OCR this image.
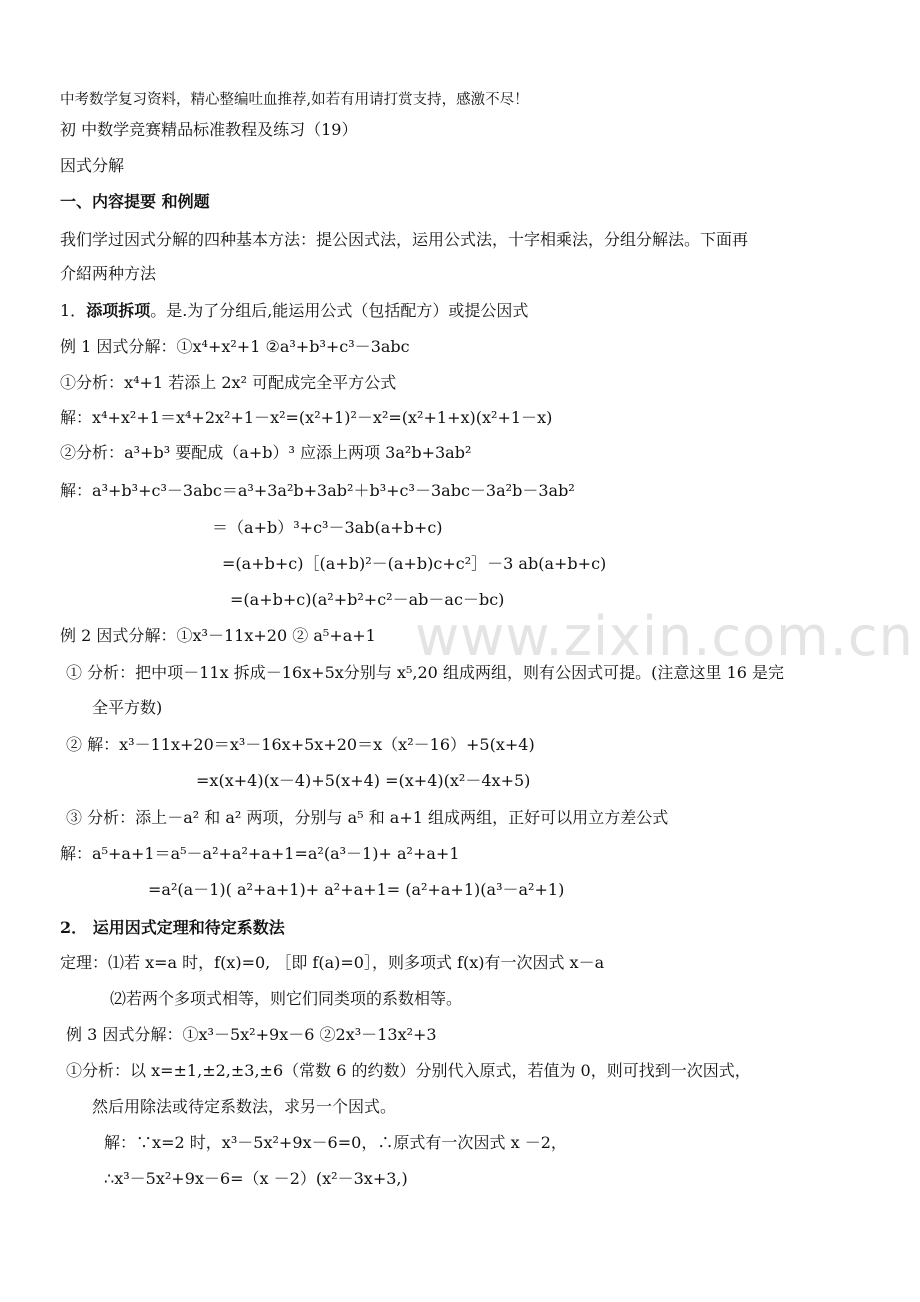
www.zixin.com.cn
中考数学复习资料，精心整编吐血推荐,如若有用请打赏支持，感激不尽！
初 中数学竞赛精品标准教程及练习（19）
因式分解
一、内容提要 和例题
我们学过因式分解的四种基本方法：提公因式法，运用公式法，十字相乘法，分组分解法。下面再
介紹两种方法
1．添项拆项。是.为了分组后,能运用公式（包括配方）或提公因式
例 1 因式分解：①x⁴+x²+1 ②a³+b³+c³－3abc
①分析：x⁴+1 若添上 2x² 可配成完全平方公式
解：x⁴+x²+1＝x⁴+2x²+1－x²=(x²+1)²－x²=(x²+1+x)(x²+1－x)
②分析：a³+b³ 要配成（a+b）³ 应添上两项 3a²b+3ab²
解：a³+b³+c³－3abc＝a³+3a²b+3ab²＋b³+c³－3abc－3a²b－3ab²
＝（a+b）³+c³－3ab(a+b+c)
=(a+b+c)［(a+b)²－(a+b)c+c²］－3 ab(a+b+c)
=(a+b+c)(a²+b²+c²－ab－ac－bc)
例 2 因式分解：①x³－11x+20 ② a⁵+a+1
① 分析：把中项－11x 拆成－16x+5x分别与 x⁵,20 组成两组，则有公因式可提。(注意这里 16 是完
全平方数)
② 解：x³－11x+20＝x³－16x+5x+20＝x（x²－16）+5(x+4)
=x(x+4)(x－4)+5(x+4) =(x+4)(x²－4x+5)
③ 分析：添上－a² 和 a² 两项，分别与 a⁵ 和 a+1 组成两组，正好可以用立方差公式
解：a⁵+a+1＝a⁵－a²+a²+a+1=a²(a³－1)+ a²+a+1
=a²(a－1)( a²+a+1)+ a²+a+1= (a²+a+1)(a³－a²+1)
2． 运用因式定理和待定系数法
定理：⑴若 x=a 时，f(x)=0, ［即 f(a)=0］，则多项式 f(x)有一次因式 x－a
⑵若两个多项式相等，则它们同类项的系数相等。
例 3 因式分解：①x³－5x²+9x－6 ②2x³－13x²+3
①分析：以 x=±1,±2,±3,±6（常数 6 的约数）分别代入原式，若值为 0，则可找到一次因式，
然后用除法或待定系数法，求另一个因式。
解：∵x=2 时，x³－5x²+9x－6=0，∴原式有一次因式 x －2，
∴x³－5x²+9x－6=（x －2）(x²－3x+3,)
